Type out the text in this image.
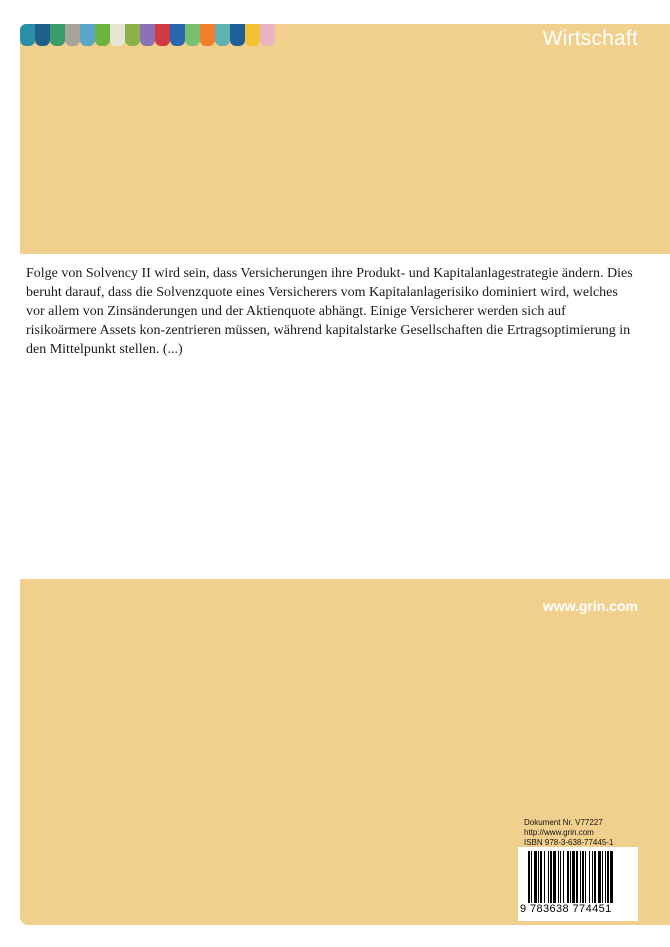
Wirtschaft

Folge von Solvency II wird sein, dass Versicherungen ihre Produkt- und Kapitalanlagestrategie ändern. Dies beruht darauf, dass die Solvenzquote eines Versicherers vom Kapitalanlagerisiko dominiert wird, welches vor allem von Zinsänderungen und der Aktienquote abhängt. Einige Versicherer werden sich auf risikoärmere Assets kon-zentrieren müssen, während kapitalstarke Gesellschaften die Ertragsoptimierung in den Mittelpunkt stellen. (...)

www.grin.com
Dokument Nr. V77227
http://www.grin.com
ISBN 978-3-638-77445-1
9 783638 774451
